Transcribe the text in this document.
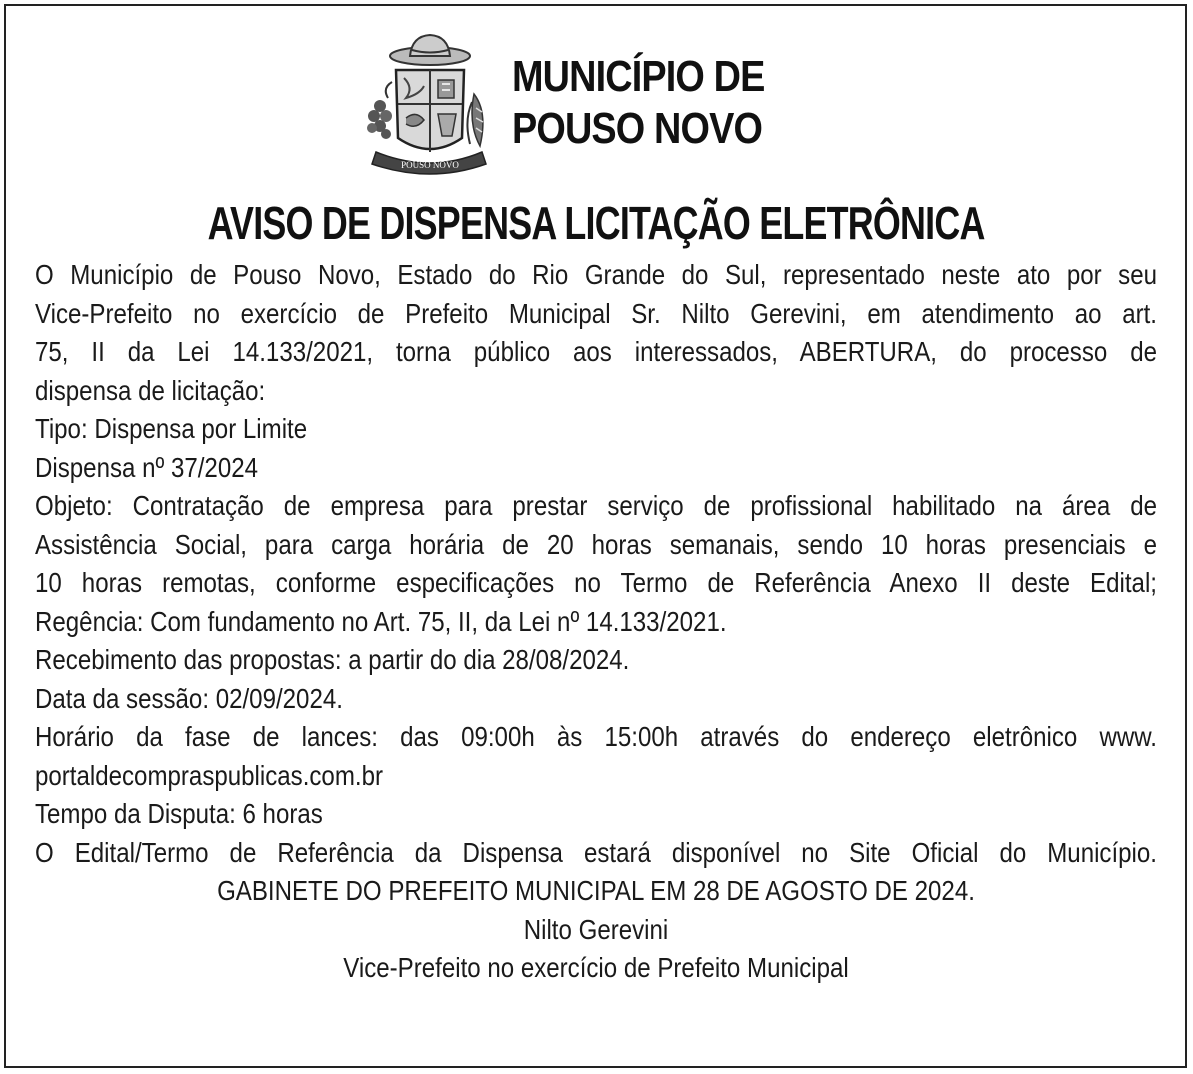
POUSO NOVO
MUNICÍPIO DE
POUSO NOVO
AVISO DE DISPENSA LICITAÇÃO ELETRÔNICA
O Município de Pouso Novo, Estado do Rio Grande do Sul, representado neste ato por seu
Vice-Prefeito no exercício de Prefeito Municipal Sr. Nilto Gerevini, em atendimento ao art.
75, II da Lei 14.133/2021, torna público aos interessados, ABERTURA, do processo de
dispensa de licitação:
Tipo: Dispensa por Limite
Dispensa nº 37/2024
Objeto: Contratação de empresa para prestar serviço de profissional habilitado na área de
Assistência Social, para carga horária de 20 horas semanais, sendo 10 horas presenciais e
10 horas remotas, conforme especificações no Termo de Referência Anexo II deste Edital;
Regência: Com fundamento no Art. 75, II, da Lei nº 14.133/2021.
Recebimento das propostas: a partir do dia 28/08/2024.
Data da sessão: 02/09/2024.
Horário da fase de lances: das 09:00h às 15:00h através do endereço eletrônico www.
portaldecompraspublicas.com.br
Tempo da Disputa: 6 horas
O Edital/Termo de Referência da Dispensa estará disponível no Site Oficial do Município.
GABINETE DO PREFEITO MUNICIPAL EM 28 DE AGOSTO DE 2024.
Nilto Gerevini
Vice-Prefeito no exercício de Prefeito Municipal
